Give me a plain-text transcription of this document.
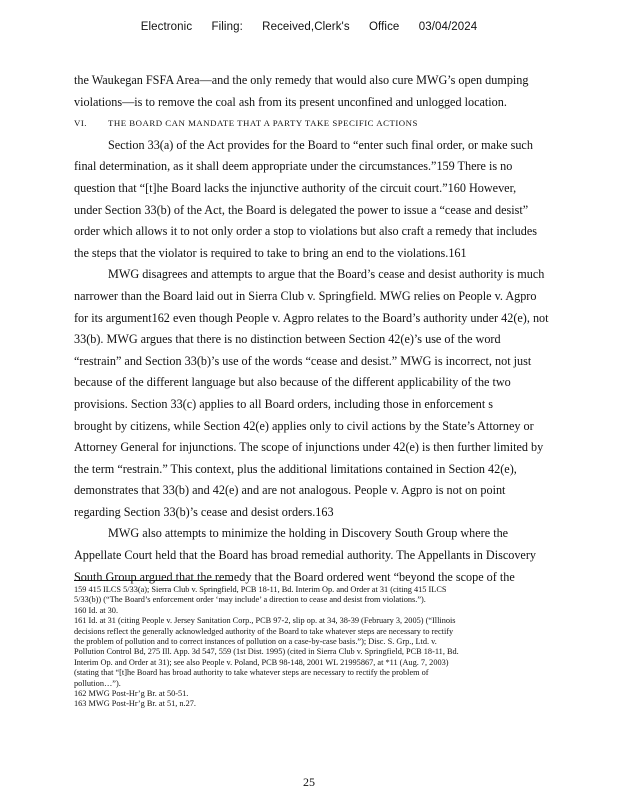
Electronic Filing: Received,Clerk's Office 03/04/2024
the Waukegan FSFA Area—and the only remedy that would also cure MWG’s open dumping
violations—is to remove the coal ash from its present unconfined and unlogged location.
VI. THE BOARD CAN MANDATE THAT A PARTY TAKE SPECIFIC ACTIONS
Section 33(a) of the Act provides for the Board to “enter such final order, or make such
final determination, as it shall deem appropriate under the circumstances.”159 There is no
question that “[t]he Board lacks the injunctive authority of the circuit court.”160 However,
under Section 33(b) of the Act, the Board is delegated the power to issue a “cease and desist”
order which allows it to not only order a stop to violations but also craft a remedy that includes
the steps that the violator is required to take to bring an end to the violations.161
MWG disagrees and attempts to argue that the Board’s cease and desist authority is much
narrower than the Board laid out in Sierra Club v. Springfield. MWG relies on People v. Agpro
for its argument162 even though People v. Agpro relates to the Board’s authority under 42(e), not
33(b). MWG argues that there is no distinction between Section 42(e)’s use of the word
“restrain” and Section 33(b)’s use of the words “cease and desist.” MWG is incorrect, not just
because of the different language but also because of the different applicability of the two
provisions. Section 33(c) applies to all Board orders, including those in enforcement s
brought by citizens, while Section 42(e) applies only to civil actions by the State’s Attorney or
Attorney General for injunctions. The scope of injunctions under 42(e) is then further limited by
the term “restrain.” This context, plus the additional limitations contained in Section 42(e),
demonstrates that 33(b) and 42(e) and are not analogous. People v. Agpro is not on point
regarding Section 33(b)’s cease and desist orders.163
MWG also attempts to minimize the holding in Discovery South Group where the
Appellate Court held that the Board has broad remedial authority. The Appellants in Discovery
South Group argued that the remedy that the Board ordered went “beyond the scope of the

159 415 ILCS 5/33(a); Sierra Club v. Springfield, PCB 18-11, Bd. Interim Op. and Order at 31 (citing 415 ILCS

5/33(b)) (“The Board’s enforcement order ‘may include’ a direction to cease and desist from violations.”).

160 Id. at 30.

161 Id. at 31 (citing People v. Jersey Sanitation Corp., PCB 97-2, slip op. at 34, 38-39 (February 3, 2005) (“Illinois

decisions reflect the generally acknowledged authority of the Board to take whatever steps are necessary to rectify

the problem of pollution and to correct instances of pollution on a case-by-case basis.”); Disc. S. Grp., Ltd. v.

Pollution Control Bd, 275 Ill. App. 3d 547, 559 (1st Dist. 1995) (cited in Sierra Club v. Springfield, PCB 18-11, Bd.

Interim Op. and Order at 31); see also People v. Poland, PCB 98-148, 2001 WL 21995867, at *11 (Aug. 7, 2003)

(stating that “[t]he Board has broad authority to take whatever steps are necessary to rectify the problem of

pollution…”).

162 MWG Post-Hr’g Br. at 50-51.

163 MWG Post-Hr’g Br. at 51, n.27.

25
